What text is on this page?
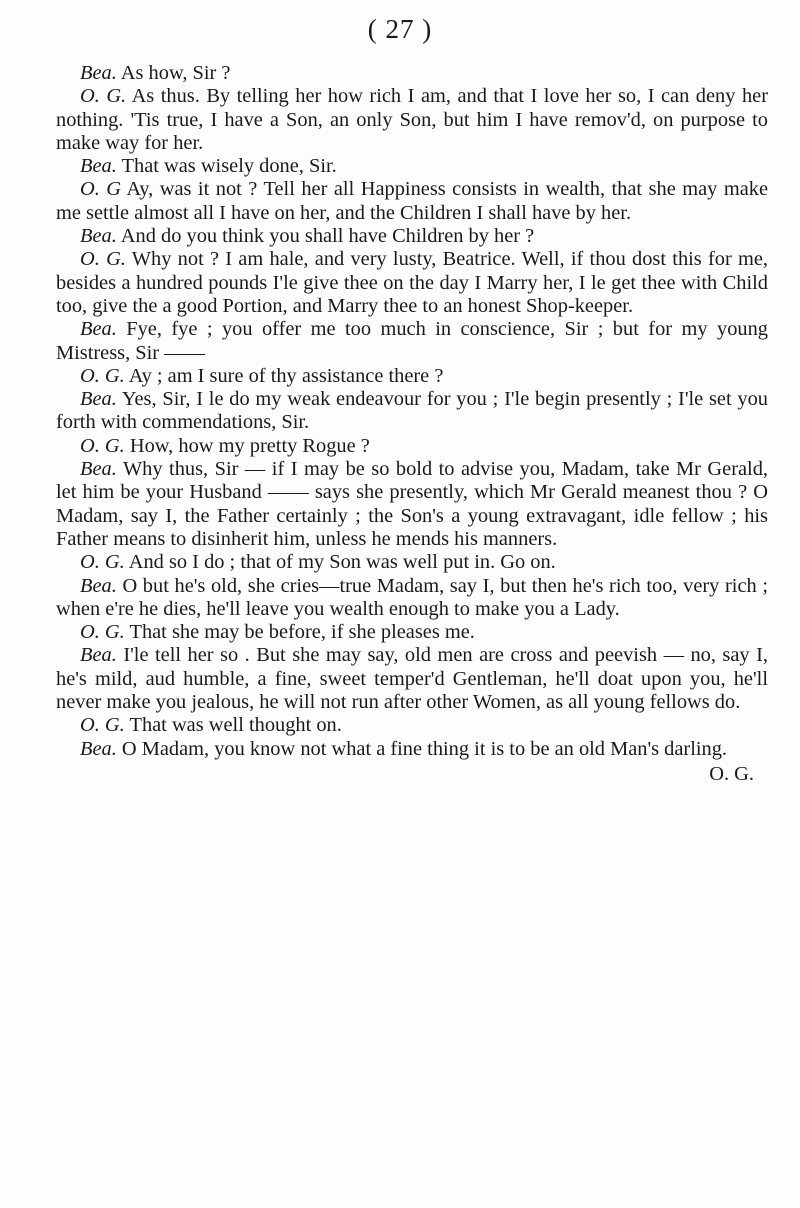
( 27 )

Bea. As how, Sir ?

O. G. As thus. By telling her how rich I am, and that I love her so, I can deny her nothing. 'Tis true, I have a Son, an only Son, but him I have remov'd, on purpose to make way for her.

Bea. That was wisely done, Sir.

O. G Ay, was it not ? Tell her all Happiness consists in wealth, that she may make me settle almost all I have on her, and the Children I shall have by her.

Bea. And do you think you shall have Children by her ?

O. G. Why not ? I am hale, and very lusty, Beatrice. Well, if thou dost this for me, besides a hundred pounds I'le give thee on the day I Marry her, I le get thee with Child too, give the a good Portion, and Marry thee to an honest Shop-keeper.

Bea. Fye, fye ; you offer me too much in conscience, Sir ; but for my young Mistress, Sir ——

O. G. Ay ; am I sure of thy assistance there ?

Bea. Yes, Sir, I le do my weak endeavour for you ; I'le begin presently ; I'le set you forth with commendations, Sir.

O. G. How, how my pretty Rogue ?

Bea. Why thus, Sir — if I may be so bold to advise you, Madam, take Mr Gerald, let him be your Husband —— says she presently, which Mr Gerald meanest thou ? O Madam, say I, the Father certainly ; the Son's a young extravagant, idle fellow ; his Father means to disinherit him, unless he mends his manners.

O. G. And so I do ; that of my Son was well put in. Go on.

Bea. O but he's old, she cries—true Madam, say I, but then he's rich too, very rich ; when e're he dies, he'll leave you wealth enough to make you a Lady.

O. G. That she may be before, if she pleases me.

Bea. I'le tell her so . But she may say, old men are cross and peevish — no, say I, he's mild, aud humble, a fine, sweet temper'd Gentleman, he'll doat upon you, he'll never make you jealous, he will not run after other Women, as all young fellows do.

O. G. That was well thought on.

Bea. O Madam, you know not what a fine thing it is to be an old Man's darling.

O. G.
